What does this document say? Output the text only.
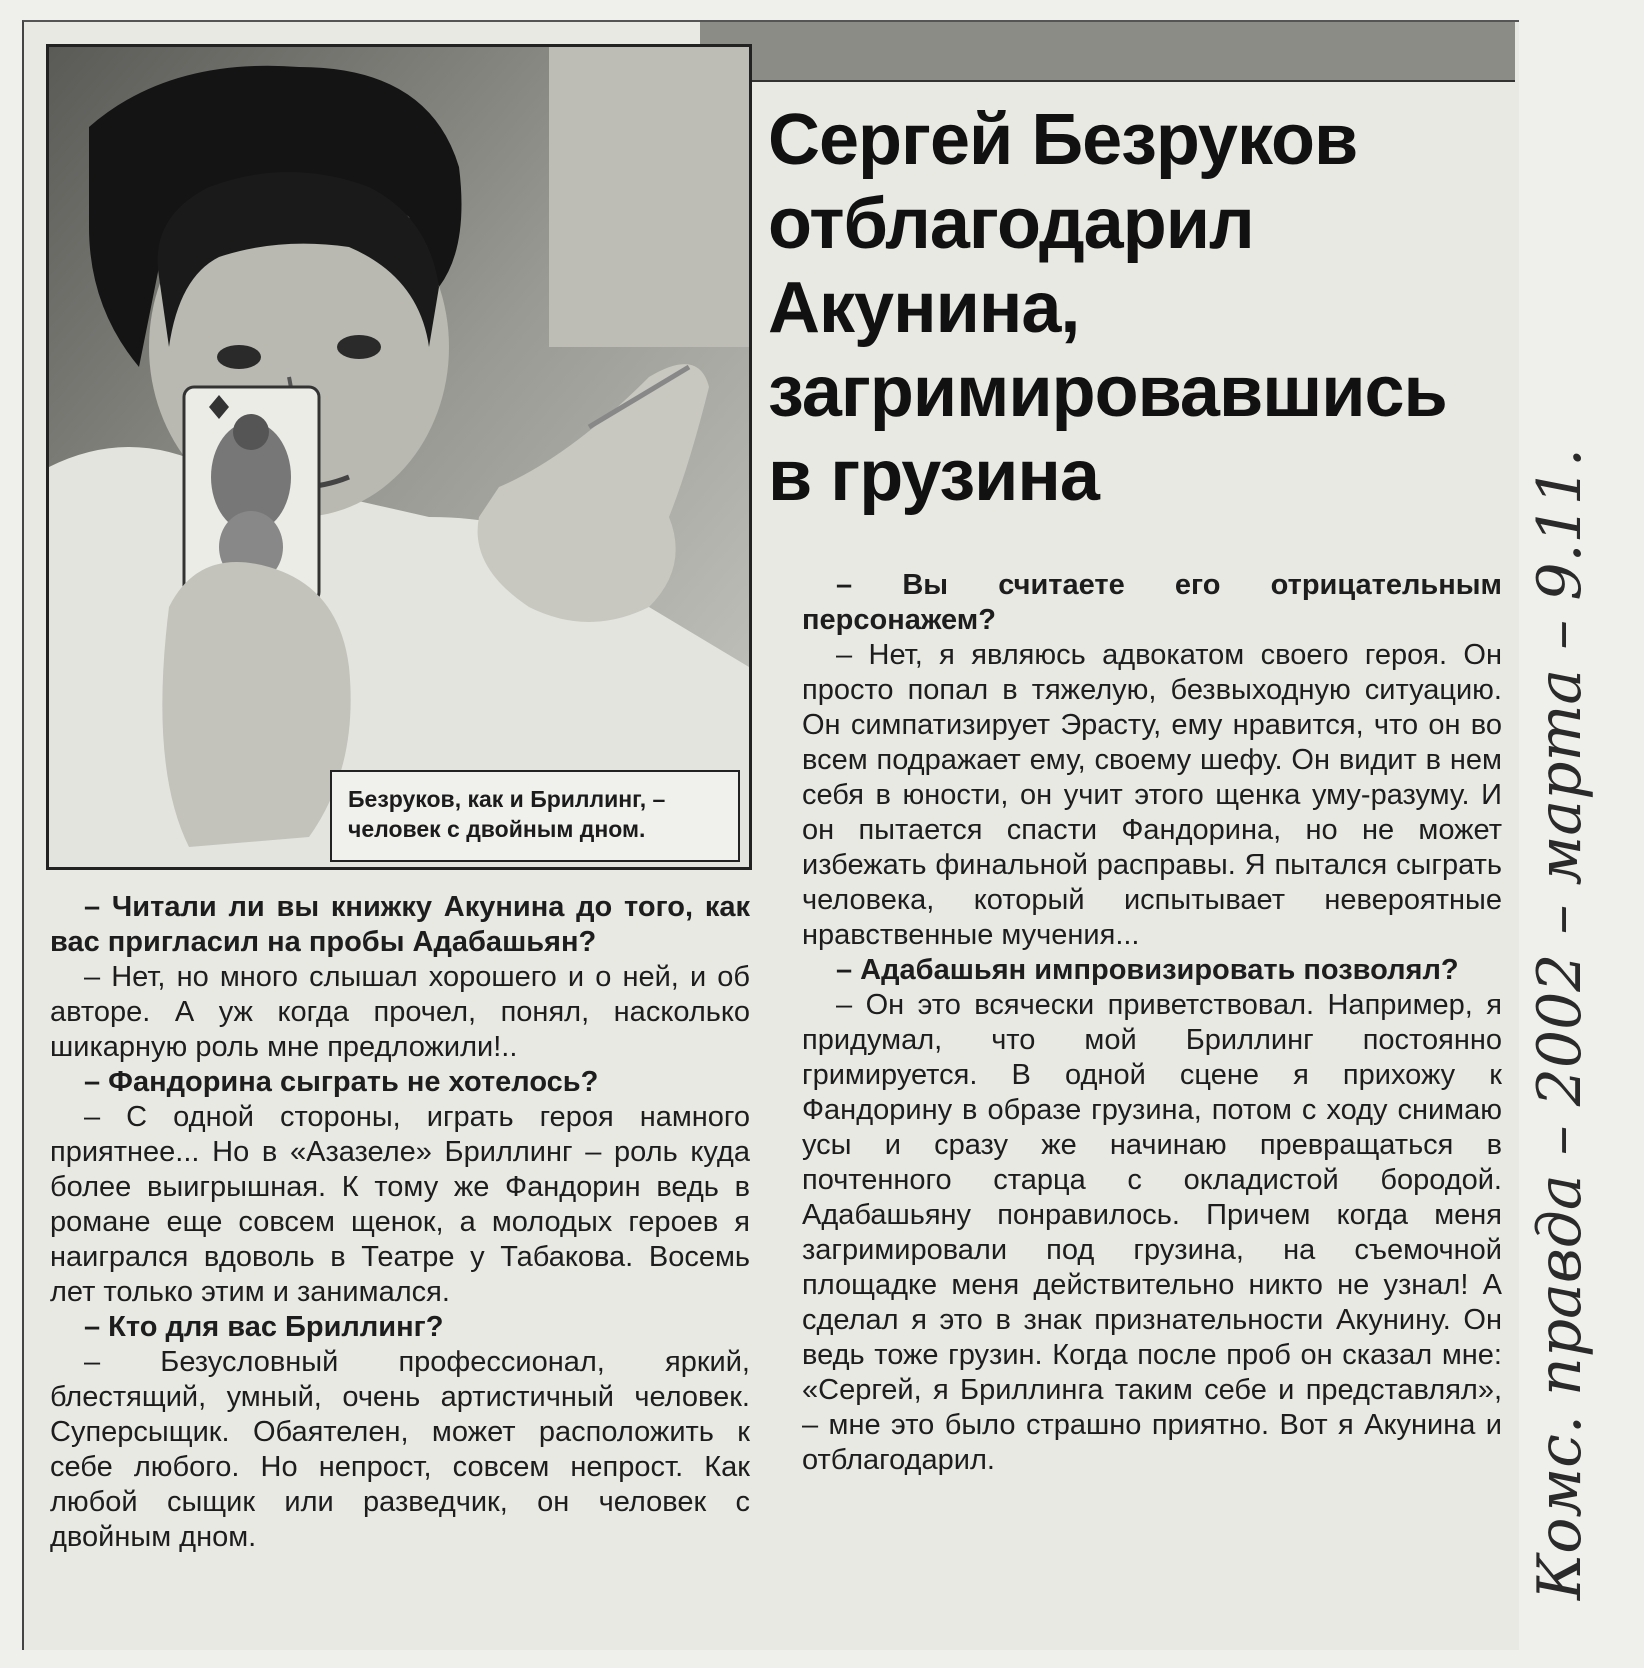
Безруков, как и Бриллинг, –
человек с двойным дном.
Сергей Безруков
отблагодарил
Акунина,
загримировавшись
в грузина
– Читали ли вы книжку Акунина до того, как вас пригласил на пробы Адабашьян?
– Нет, но много слышал хорошего и о ней, и об авторе. А уж когда прочел, понял, насколько шикарную роль мне предложили!..
– Фандорина сыграть не хотелось?
– С одной стороны, играть героя намного приятнее... Но в «Азазеле» Бриллинг – роль куда более выигрышная. К тому же Фандорин ведь в романе еще совсем щенок, а молодых героев я наигрался вдоволь в Театре у Табакова. Восемь лет только этим и занимался.
– Кто для вас Бриллинг?
– Безусловный профессионал, яркий, блестящий, умный, очень артистичный человек. Суперсыщик. Обаятелен, может расположить к себе любого. Но непрост, совсем непрост. Как любой сыщик или разведчик, он человек с двойным дном.
– Вы считаете его отрицательным персонажем?
– Нет, я являюсь адвокатом своего героя. Он просто попал в тяжелую, безвыходную ситуацию. Он симпатизирует Эрасту, ему нравится, что он во всем подражает ему, своему шефу. Он видит в нем себя в юности, он учит этого щенка уму-разуму. И он пытается спасти Фандорина, но не может избежать финальной расправы. Я пытался сыграть человека, который испытывает невероятные нравственные мучения...
– Адабашьян импровизировать позволял?
– Он это всячески приветствовал. Например, я придумал, что мой Бриллинг постоянно гримируется. В одной сцене я прихожу к Фандорину в образе грузина, потом с ходу снимаю усы и сразу же начинаю превращаться в почтенного старца с окладистой бородой. Адабашьяну понравилось. Причем когда меня загримировали под грузина, на съемочной площадке меня действительно никто не узнал! А сделал я это в знак признательности Акунину. Он ведь тоже грузин. Когда после проб он сказал мне: «Сергей, я Бриллинга таким себе и представлял», – мне это было страшно приятно. Вот я Акунина и отблагодарил.	Комс. правда – 2002 – марта – 9.11.
